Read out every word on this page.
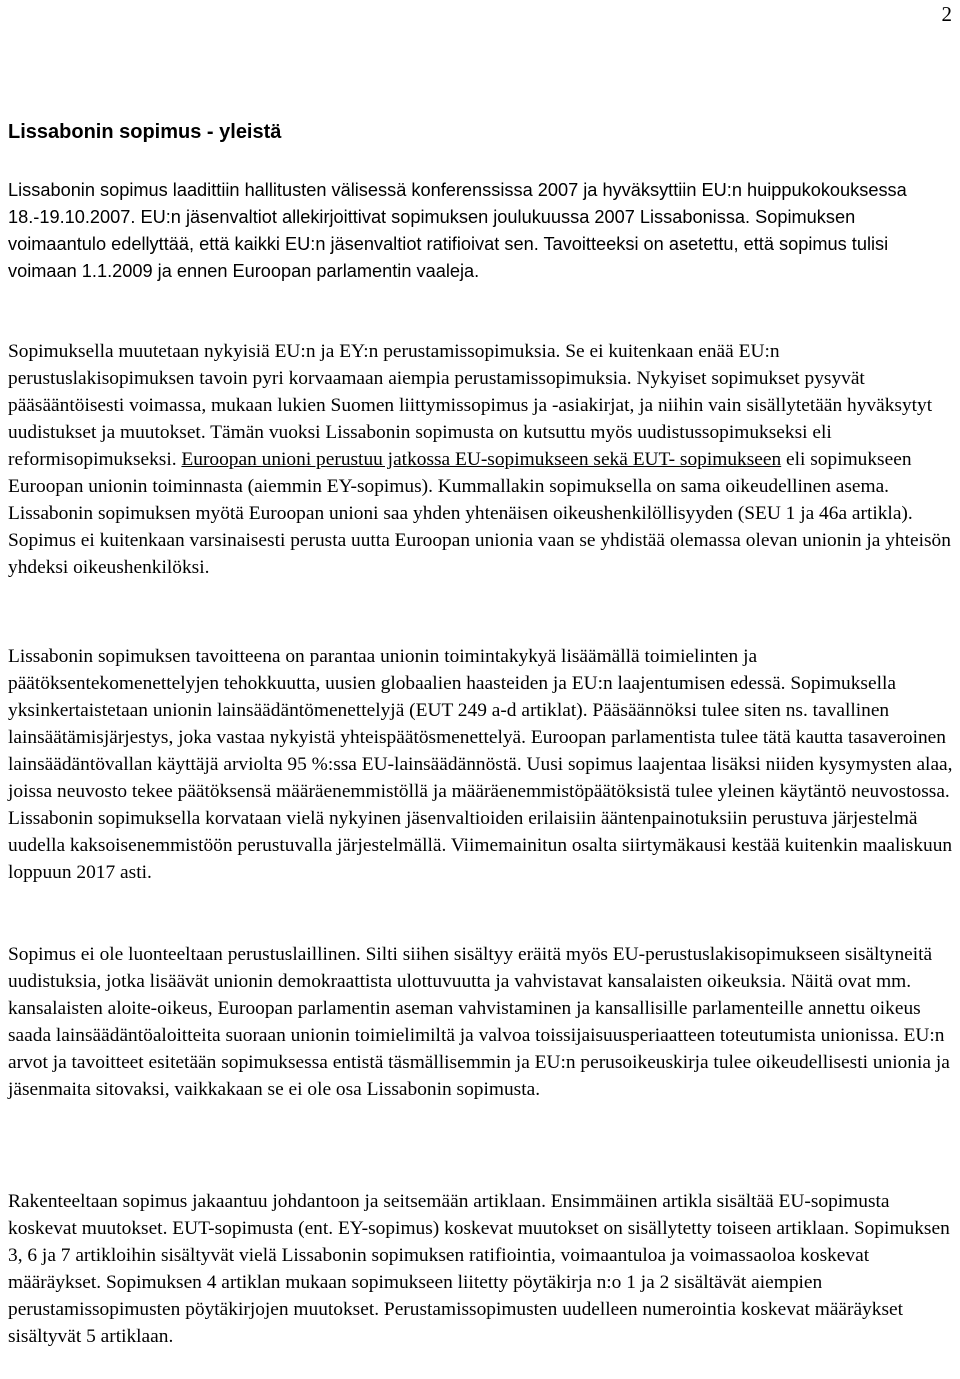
2
Lissabonin sopimus - yleistä

Lissabonin sopimus laadittiin hallitusten välisessä konferenssissa 2007 ja hyväksyttiin EU:n huippukokouksessa 18.-19.10.2007. EU:n jäsenvaltiot allekirjoittivat sopimuksen joulukuussa 2007 Lissabonissa. Sopimuksen voimaantulo edellyttää, että kaikki EU:n jäsenvaltiot ratifioivat sen. Tavoitteeksi on asetettu, että sopimus tulisi voimaan 1.1.2009 ja ennen Euroopan parlamentin vaaleja.

Sopimuksella muutetaan nykyisiä EU:n ja EY:n perustamissopimuksia. Se ei kuitenkaan enää EU:n perustuslakisopimuksen tavoin pyri korvaamaan aiempia perustamissopimuksia. Nykyiset sopimukset pysyvät pääsääntöisesti voimassa, mukaan lukien Suomen liittymissopimus ja -asiakirjat, ja niihin vain sisällytetään hyväksytyt uudistukset ja muutokset. Tämän vuoksi Lissabonin sopimusta on kutsuttu myös uudistussopimukseksi eli reformisopimukseksi. Euroopan unioni perustuu jatkossa EU-sopimukseen sekä EUT- sopimukseen eli sopimukseen Euroopan unionin toiminnasta (aiemmin EY-sopimus). Kummallakin sopimuksella on sama oikeudellinen asema. Lissabonin sopimuksen myötä Euroopan unioni saa yhden yhtenäisen oikeushenkilöllisyyden (SEU 1 ja 46a artikla). Sopimus ei kuitenkaan varsinaisesti perusta uutta Euroopan unionia vaan se yhdistää olemassa olevan unionin ja yhteisön yhdeksi oikeushenkilöksi.

Lissabonin sopimuksen tavoitteena on parantaa unionin toimintakykyä lisäämällä toimielinten ja päätöksentekomenettelyjen tehokkuutta, uusien globaalien haasteiden ja EU:n laajentumisen edessä. Sopimuksella yksinkertaistetaan unionin lainsäädäntömenettelyjä (EUT 249 a-d artiklat). Pääsäännöksi tulee siten ns. tavallinen lainsäätämisjärjestys, joka vastaa nykyistä yhteispäätösmenettelyä. Euroopan parlamentista tulee tätä kautta tasaveroinen lainsäädäntövallan käyttäjä arviolta 95 %:ssa EU-lainsäädännöstä. Uusi sopimus laajentaa lisäksi niiden kysymysten alaa, joissa neuvosto tekee päätöksensä määräenemmistöllä ja määräenemmistöpäätöksistä tulee yleinen käytäntö neuvostossa. Lissabonin sopimuksella korvataan vielä nykyinen jäsenvaltioiden erilaisiin ääntenpainotuksiin perustuva järjestelmä uudella kaksoisenemmistöön perustuvalla järjestelmällä. Viimemainitun osalta siirtymäkausi kestää kuitenkin maaliskuun loppuun 2017 asti.

Sopimus ei ole luonteeltaan perustuslaillinen. Silti siihen sisältyy eräitä myös EU-perustuslakisopimukseen sisältyneitä uudistuksia, jotka lisäävät unionin demokraattista ulottuvuutta ja vahvistavat kansalaisten oikeuksia. Näitä ovat mm. kansalaisten aloite-oikeus, Euroopan parlamentin aseman vahvistaminen ja kansallisille parlamenteille annettu oikeus saada lainsäädäntöaloitteita suoraan unionin toimielimiltä ja valvoa toissijaisuusperiaatteen toteutumista unionissa. EU:n arvot ja tavoitteet esitetään sopimuksessa entistä täsmällisemmin ja EU:n perusoikeuskirja tulee oikeudellisesti unionia ja jäsenmaita sitovaksi, vaikkakaan se ei ole osa Lissabonin sopimusta.

Rakenteeltaan sopimus jakaantuu johdantoon ja seitsemään artiklaan. Ensimmäinen artikla sisältää EU-sopimusta koskevat muutokset. EUT-sopimusta (ent. EY-sopimus) koskevat muutokset on sisällytetty toiseen artiklaan. Sopimuksen 3, 6 ja 7 artikloihin sisältyvät vielä Lissabonin sopimuksen ratifiointia, voimaantuloa ja voimassaoloa koskevat määräykset. Sopimuksen 4 artiklan mukaan sopimukseen liitetty pöytäkirja n:o 1 ja 2 sisältävät aiempien perustamissopimusten pöytäkirjojen muutokset. Perustamissopimusten uudelleen numerointia koskevat määräykset sisältyvät 5 artiklaan.
